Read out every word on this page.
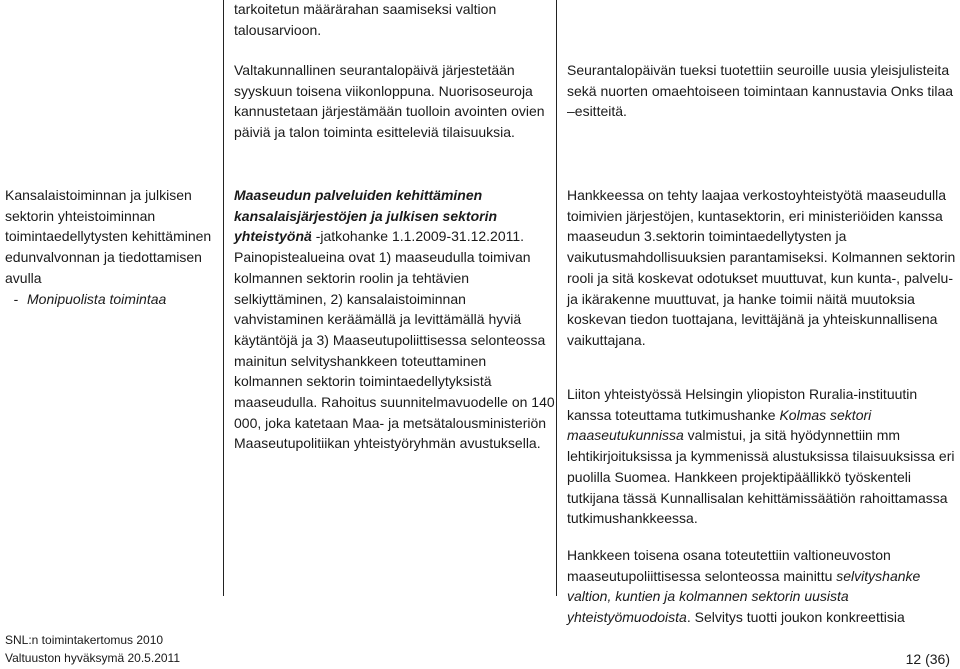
tarkoitetun määrärahan saamiseksi valtion talousarvioon.

Valtakunnallinen seurantalopäivä järjestetään syyskuun toisena viikonloppuna. Nuorisoseuroja kannustetaan järjestämään tuolloin avointen ovien päiviä ja talon toiminta esitteleviä tilaisuuksia.

Maaseudun palveluiden kehittäminen kansalaisjärjestöjen ja julkisen sektorin yhteistyönä -jatkohanke 1.1.2009-31.12.2011. Painopistealueina ovat 1) maaseudulla toimivan kolmannen sektorin roolin ja tehtävien selkiyttäminen, 2) kansalaistoiminnan vahvistaminen keräämällä ja levittämällä hyviä käytäntöjä ja 3) Maaseutupoliittisessa selonteossa mainitun selvityshankkeen toteuttaminen kolmannen sektorin toimintaedellytyksistä maaseudulla. Rahoitus suunnitelmavuodelle on 140 000, joka katetaan Maa- ja metsätalousministeriön Maaseutupolitiikan yhteistyöryhmän avustuksella.

Kansalaistoiminnan ja julkisen sektorin yhteistoiminnan toimintaedellytysten kehittäminen edunvalvonnan ja tiedottamisen avulla

- Monipuolista toimintaa

Seurantalopäivän tueksi tuotettiin seuroille uusia yleisjulisteita sekä nuorten omaehtoiseen toimintaan kannustavia Onks tilaa –esitteitä.

Hankkeessa on tehty laajaa verkostoyhteistyötä maaseudulla toimivien järjestöjen, kuntasektorin, eri ministeriöiden kanssa maaseudun 3.sektorin toimintaedellytysten ja vaikutusmahdollisuuksien parantamiseksi. Kolmannen sektorin rooli ja sitä koskevat odotukset muuttuvat, kun kunta-, palvelu- ja ikärakenne muuttuvat, ja hanke toimii näitä muutoksia koskevan tiedon tuottajana, levittäjänä ja yhteiskunnallisena vaikuttajana.

Liiton yhteistyössä Helsingin yliopiston Ruralia-instituutin kanssa toteuttama tutkimushanke Kolmas sektori maaseutukunnissa valmistui, ja sitä hyödynnettiin mm lehtikirjoituksissa ja kymmenissä alustuksissa tilaisuuksissa eri puolilla Suomea. Hankkeen projektipäällikkö työskenteli tutkijana tässä Kunnallisalan kehittämissäätiön rahoittamassa tutkimushankkeessa.

Hankkeen toisena osana toteutettiin valtioneuvoston maaseutupoliittisessa selonteossa mainittu selvityshanke valtion, kuntien ja kolmannen sektorin uusista yhteistyömuodoista. Selvitys tuotti joukon konkreettisia

SNL:n toimintakertomus 2010
Valtuuston hyväksymä 20.5.2011	12 (36)
